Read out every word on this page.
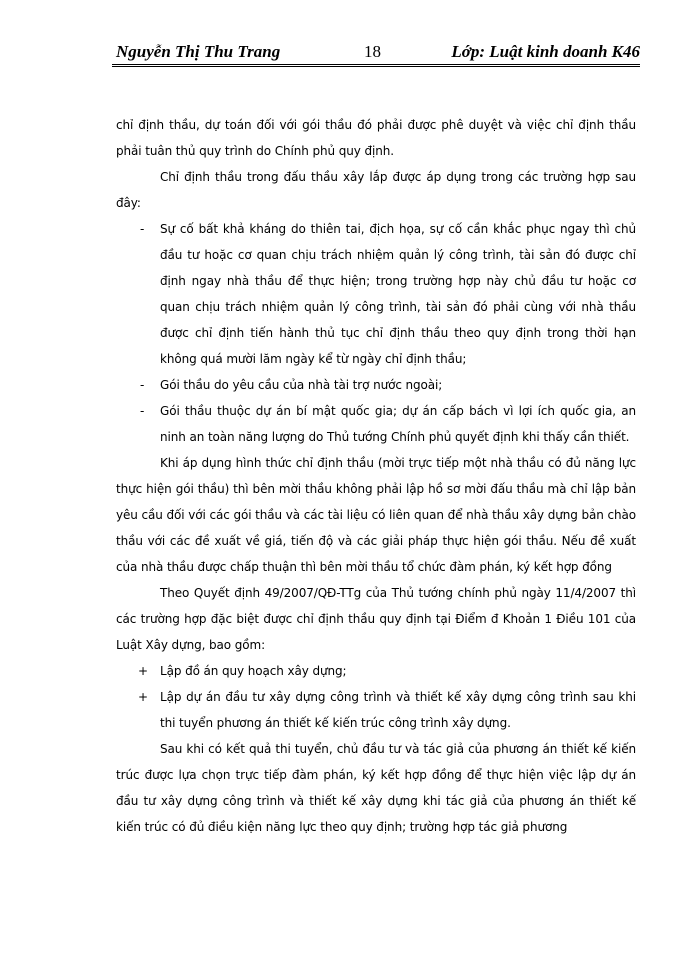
Nguyễn Thị Thu Trang	18	Lớp: Luật kinh doanh K46

chỉ định thầu, dự toán đối với gói thầu đó phải được phê duyệt và việc chỉ định thầu phải tuân thủ quy trình do Chính phủ quy định.

Chỉ định thầu trong đấu thầu xây lắp được áp dụng trong các trường hợp sau đây:

- Sự cố bất khả kháng do thiên tai, địch họa, sự cố cần khắc phục ngay thì chủ đầu tư hoặc cơ quan chịu trách nhiệm quản lý công trình, tài sản đó được chỉ định ngay nhà thầu để thực hiện; trong trường hợp này chủ đầu tư hoặc cơ quan chịu trách nhiệm quản lý công trình, tài sản đó phải cùng với nhà thầu được chỉ định tiến hành thủ tục chỉ định thầu theo quy định trong thời hạn không quá mười lăm ngày kể từ ngày chỉ định thầu;
- Gói thầu do yêu cầu của nhà tài trợ nước ngoài;
- Gói thầu thuộc dự án bí mật quốc gia; dự án cấp bách vì lợi ích quốc gia, an ninh an toàn năng lượng do Thủ tướng Chính phủ quyết định khi thấy cần thiết.

Khi áp dụng hình thức chỉ định thầu (mời trực tiếp một nhà thầu có đủ năng lực thực hiện gói thầu) thì bên mời thầu không phải lập hồ sơ mời đấu thầu mà chỉ lập bản yêu cầu đối với các gói thầu và các tài liệu có liên quan để nhà thầu xây dựng bản chào thầu với các đề xuất về giá, tiến độ và các giải pháp thực hiện gói thầu. Nếu đề xuất của nhà thầu được chấp thuận thì bên mời thầu tổ chức đàm phán, ký kết hợp đồng

Theo Quyết định 49/2007/QĐ-TTg của Thủ tướng chính phủ ngày 11/4/2007 thì các trường hợp đặc biệt được chỉ định thầu quy định tại Điểm đ Khoản 1 Điều 101 của Luật Xây dựng, bao gồm:

+ Lập đồ án quy hoạch xây dựng;
+ Lập dự án đầu tư xây dựng công trình và thiết kế xây dựng công trình sau khi thi tuyển phương án thiết kế kiến trúc công trình xây dựng.

Sau khi có kết quả thi tuyển, chủ đầu tư và tác giả của phương án thiết kế kiến trúc được lựa chọn trực tiếp đàm phán, ký kết hợp đồng để thực hiện việc lập dự án đầu tư xây dựng công trình và thiết kế xây dựng khi tác giả của phương án thiết kế kiến trúc có đủ điều kiện năng lực theo quy định; trường hợp tác giả phương
